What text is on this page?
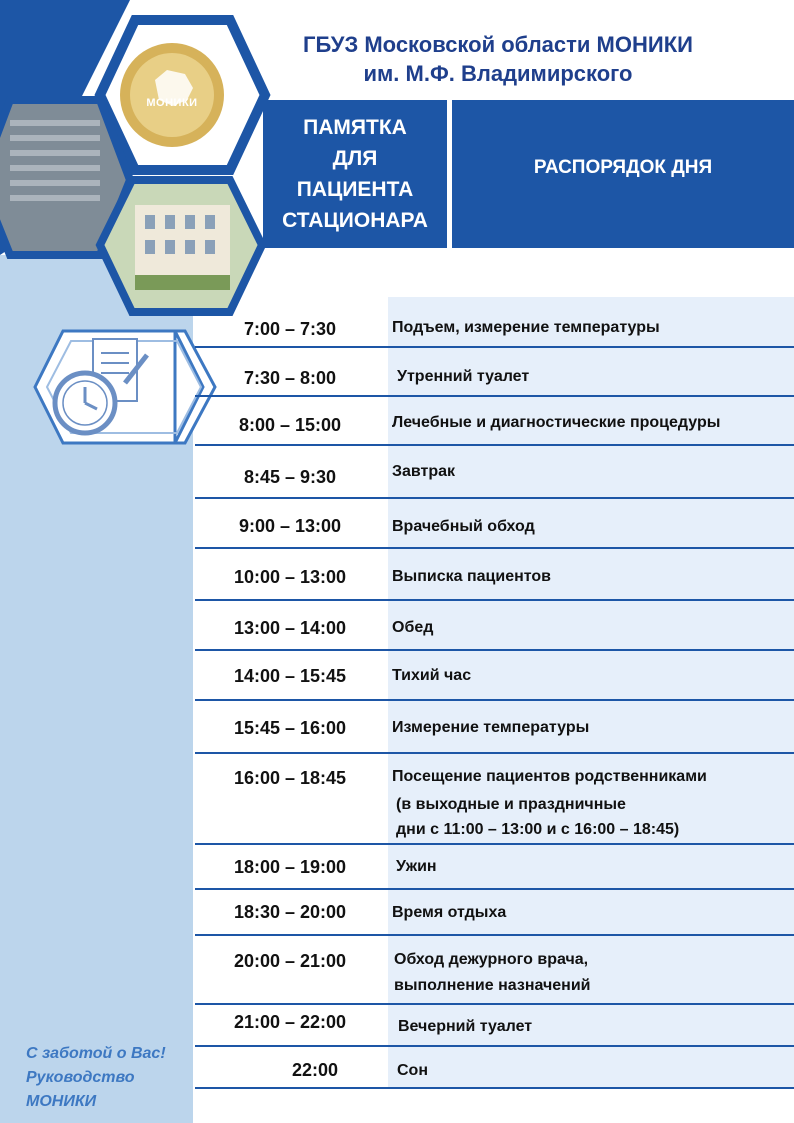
МОНИКИ
ГБУЗ Московской области МОНИКИ
им. М.Ф. Владимирского
ПАМЯТКА
ДЛЯ
ПАЦИЕНТА
СТАЦИОНАРА
РАСПОРЯДОК ДНЯ
7:00 – 7:30	Подъем, измерение температуры
7:30 – 8:00	Утренний туалет
8:00 – 15:00	Лечебные и диагностические процедуры
8:45 – 9:30	Завтрак
9:00 – 13:00	Врачебный обход
10:00 – 13:00	Выписка пациентов
13:00 – 14:00	Обед
14:00 – 15:45	Тихий час
15:45 – 16:00	Измерение температуры
16:00 – 18:45	Посещение пациентов родственниками
(в выходные и праздничные
дни с 11:00 – 13:00 и с 16:00 – 18:45)
18:00 – 19:00	Ужин
18:30 – 20:00	Время отдыха
20:00 – 21:00	Обход дежурного врача,
выполнение назначений
21:00 – 22:00	Вечерний туалет
22:00	Сон
С заботой о Вас!
Руководство
МОНИКИ
